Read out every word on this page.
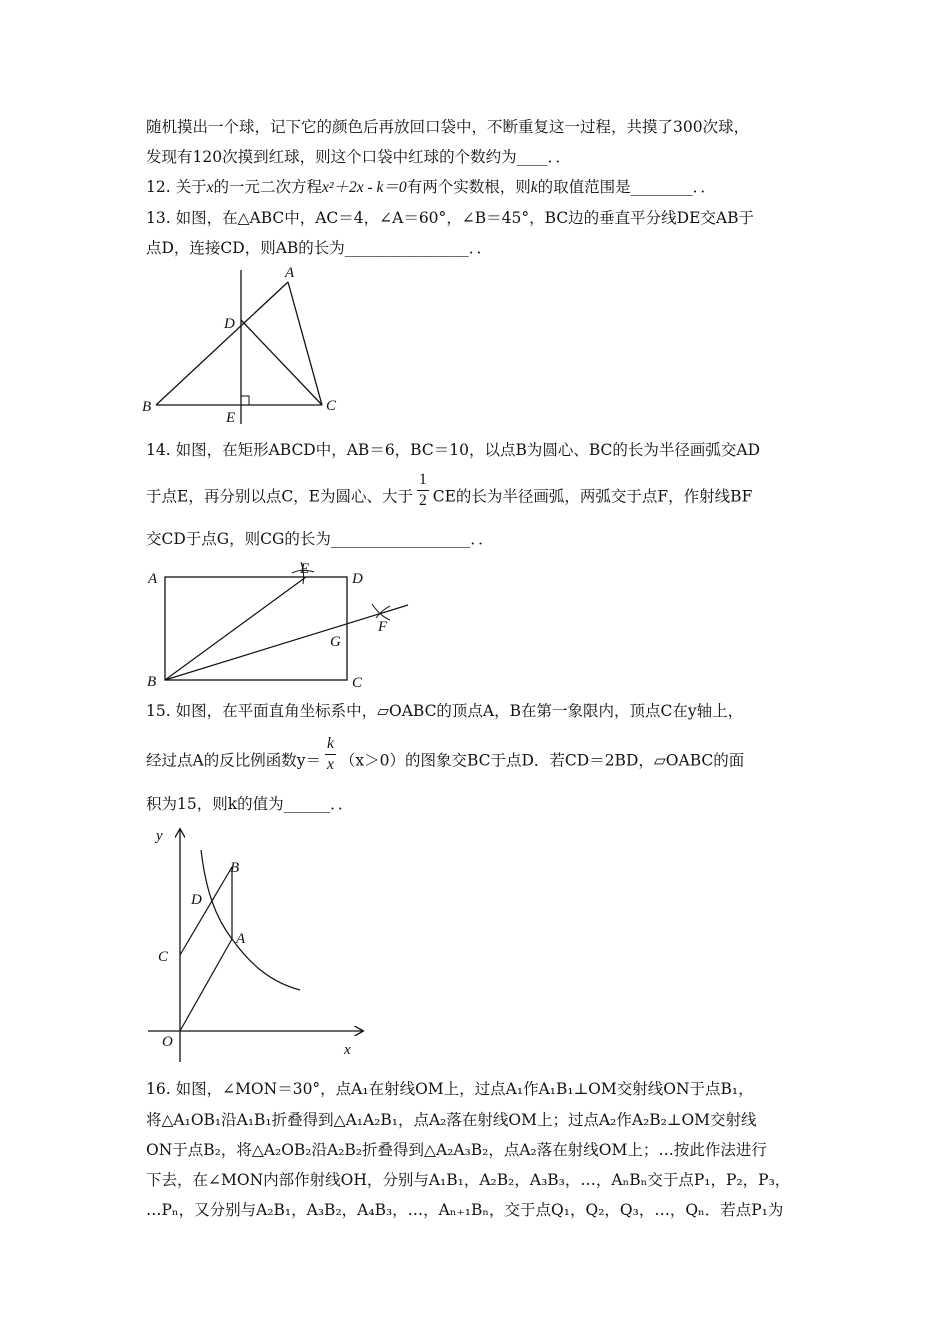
随机摸出一个球，记下它的颜色后再放回口袋中，不断重复这一过程，共摸了300次球，
发现有120次摸到红球，则这个口袋中红球的个数约为____．．
12. 关于x的一元二次方程x²＋2x - k＝0有两个实数根，则k的取值范围是________．．
13. 如图，在△ABC中，AC＝4，∠A＝60°，∠B＝45°，BC边的垂直平分线DE交AB于
点D，连接CD，则AB的长为________________．．
A
B	C
D
E
14. 如图，在矩形ABCD中，AB＝6，BC＝10，以点B为圆心、BC的长为半径画弧交AD
于点E，再分别以点C，E为圆心、大于 $\frac{1}{2}$ CE的长为半径画弧，两弧交于点F，作射线BF
交CD于点G，则CG的长为__________________．．
A
B	C
D
E
F
G
15. 如图，在平面直角坐标系中，▱OABC的顶点A，B在第一象限内，顶点C在y轴上，
经过点A的反比例函数$y= \frac{k}{x} (x>0)$的图象交BC于点D．若CD＝2BD，▱OABC的面
积为15，则k的值为______．．
y
x
O
A
B
C
D
16. 如图，∠MON＝30°，点A₁在射线OM上，过点A₁作A₁B₁⊥OM交射线ON于点B₁，
将△A₁OB₁沿A₁B₁折叠得到△A₁A₂B₁，点A₂落在射线OM上；过点A₂作A₂B₂⊥OM交射线
ON于点B₂，将△A₂OB₂沿A₂B₂折叠得到△A₂A₃B₂，点A₂落在射线OM上；…按此作法进行
下去，在∠MON内部作射线OH，分别与A₁B₁，A₂B₂，A₃B₃，…，AₙBₙ交于点P₁，P₂，P₃，
…Pₙ，又分别与A₂B₁，A₃B₂，A₄B₃，…，Aₙ₊₁Bₙ，交于点Q₁，Q₂，Q₃，…，Qₙ．若点P₁为
